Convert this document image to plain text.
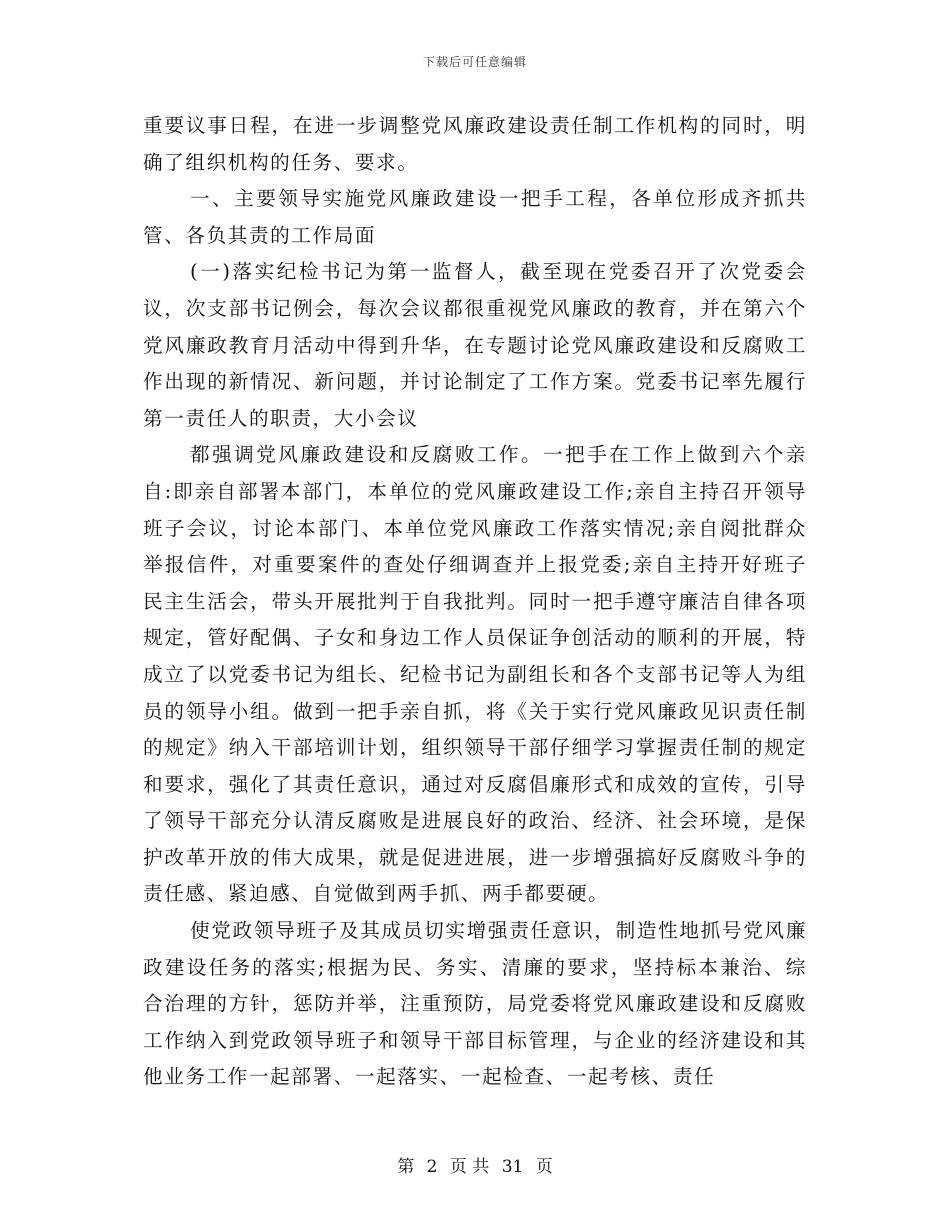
下载后可任意编辑

重要议事日程，在进一步调整党风廉政建设责任制工作机构的同时，明确了组织机构的任务、要求。

一、主要领导实施党风廉政建设一把手工程，各单位形成齐抓共管、各负其责的工作局面

(一)落实纪检书记为第一监督人，截至现在党委召开了次党委会议，次支部书记例会，每次会议都很重视党风廉政的教育，并在第六个党风廉政教育月活动中得到升华，在专题讨论党风廉政建设和反腐败工作出现的新情况、新问题，并讨论制定了工作方案。党委书记率先履行第一责任人的职责，大小会议

都强调党风廉政建设和反腐败工作。一把手在工作上做到六个亲自:即亲自部署本部门，本单位的党风廉政建设工作;亲自主持召开领导班子会议，讨论本部门、本单位党风廉政工作落实情况;亲自阅批群众举报信件，对重要案件的查处仔细调查并上报党委;亲自主持开好班子民主生活会，带头开展批判于自我批判。同时一把手遵守廉洁自律各项规定，管好配偶、子女和身边工作人员保证争创活动的顺利的开展，特成立了以党委书记为组长、纪检书记为副组长和各个支部书记等人为组员的领导小组。做到一把手亲自抓，将《关于实行党风廉政见识责任制的规定》纳入干部培训计划，组织领导干部仔细学习掌握责任制的规定和要求，强化了其责任意识，通过对反腐倡廉形式和成效的宣传，引导了领导干部充分认清反腐败是进展良好的政治、经济、社会环境，是保护改革开放的伟大成果，就是促进进展，进一步增强搞好反腐败斗争的责任感、紧迫感、自觉做到两手抓、两手都要硬。

使党政领导班子及其成员切实增强责任意识，制造性地抓号党风廉政建设任务的落实;根据为民、务实、清廉的要求，坚持标本兼治、综合治理的方针，惩防并举，注重预防，局党委将党风廉政建设和反腐败工作纳入到党政领导班子和领导干部目标管理，与企业的经济建设和其他业务工作一起部署、一起落实、一起检查、一起考核、责任

第 2 页 共 31 页
